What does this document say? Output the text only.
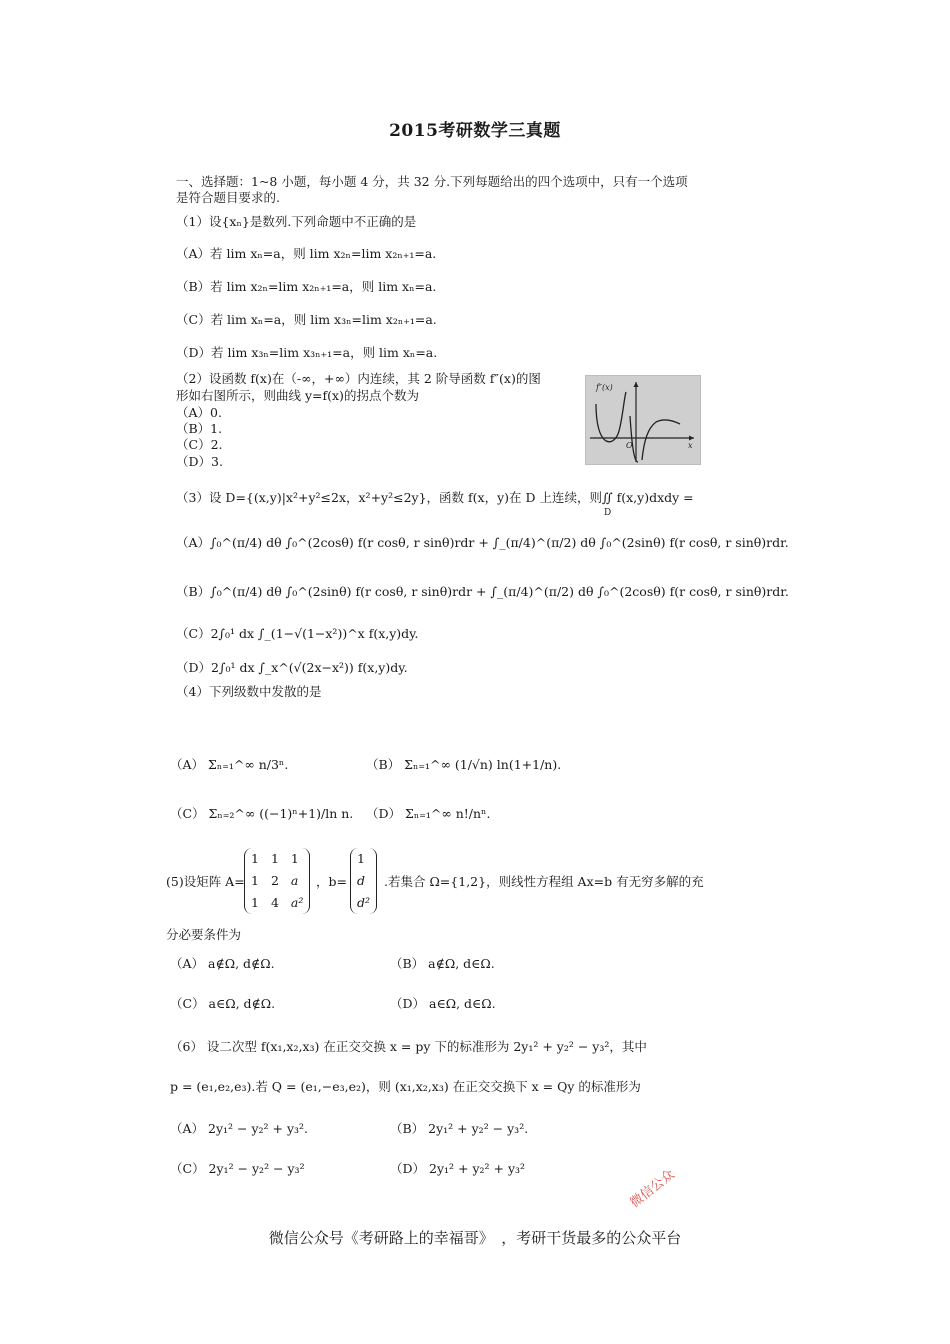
2015考研数学三真题
一、选择题：1~8 小题，每小题 4 分，共 32 分.下列每题给出的四个选项中，只有一个选项
是符合题目要求的.
（1）设{xₙ}是数列.下列命题中不正确的是
（A）若 lim xₙ=a，则 lim x₂ₙ=lim x₂ₙ₊₁=a.
（B）若 lim x₂ₙ=lim x₂ₙ₊₁=a，则 lim xₙ=a.
（C）若 lim xₙ=a，则 lim x₃ₙ=lim x₂ₙ₊₁=a.
（D）若 lim x₃ₙ=lim x₃ₙ₊₁=a，则 lim xₙ=a.
（2）设函数 f(x)在（-∞，+∞）内连续，其 2 阶导函数 f″(x)的图
形如右图所示，则曲线 y=f(x)的拐点个数为
（A）0.
（B）1.
（C）2.
（D）3.
f″(x)
O	x
（3）设 D={(x,y)|x²+y²≤2x，x²+y²≤2y}，函数 f(x，y)在 D 上连续，则∬ f(x,y)dxdy =
D
（A）∫₀^(π/4) dθ ∫₀^(2cosθ) f(r cosθ, r sinθ)rdr + ∫_(π/4)^(π/2) dθ ∫₀^(2sinθ) f(r cosθ, r sinθ)rdr.
（B）∫₀^(π/4) dθ ∫₀^(2sinθ) f(r cosθ, r sinθ)rdr + ∫_(π/4)^(π/2) dθ ∫₀^(2cosθ) f(r cosθ, r sinθ)rdr.
（C）2∫₀¹ dx ∫_(1−√(1−x²))^x f(x,y)dy.
（D）2∫₀¹ dx ∫_x^(√(2x−x²)) f(x,y)dy.
（4）下列级数中发散的是
（A） Σₙ₌₁^∞ n/3ⁿ.	（B） Σₙ₌₁^∞ (1/√n) ln(1+1/n).
（C） Σₙ₌₂^∞ ((−1)ⁿ+1)/ln n. （D） Σₙ₌₁^∞ n!/nⁿ.
(5)设矩阵 A=
1 1 1
1 2 a
1 4 a²
，b=
1
d
d²
.若集合 Ω={1,2}，则线性方程组 Ax=b 有无穷多解的充
分必要条件为
（A） a∉Ω, d∉Ω.	（B） a∉Ω, d∈Ω.
（C） a∈Ω, d∉Ω.	（D） a∈Ω, d∈Ω.
（6） 设二次型 f(x₁,x₂,x₃) 在正交交换 x = py 下的标准形为 2y₁² + y₂² − y₃²，其中
p = (e₁,e₂,e₃).若 Q = (e₁,−e₃,e₂)，则 (x₁,x₂,x₃) 在正交交换下 x = Qy 的标准形为
（A） 2y₁² − y₂² + y₃².	（B） 2y₁² + y₂² − y₃².
（C） 2y₁² − y₂² − y₃²	（D） 2y₁² + y₂² + y₃²	微信公众
微信公众号《考研路上的幸福哥》　，考研干货最多的公众平台
